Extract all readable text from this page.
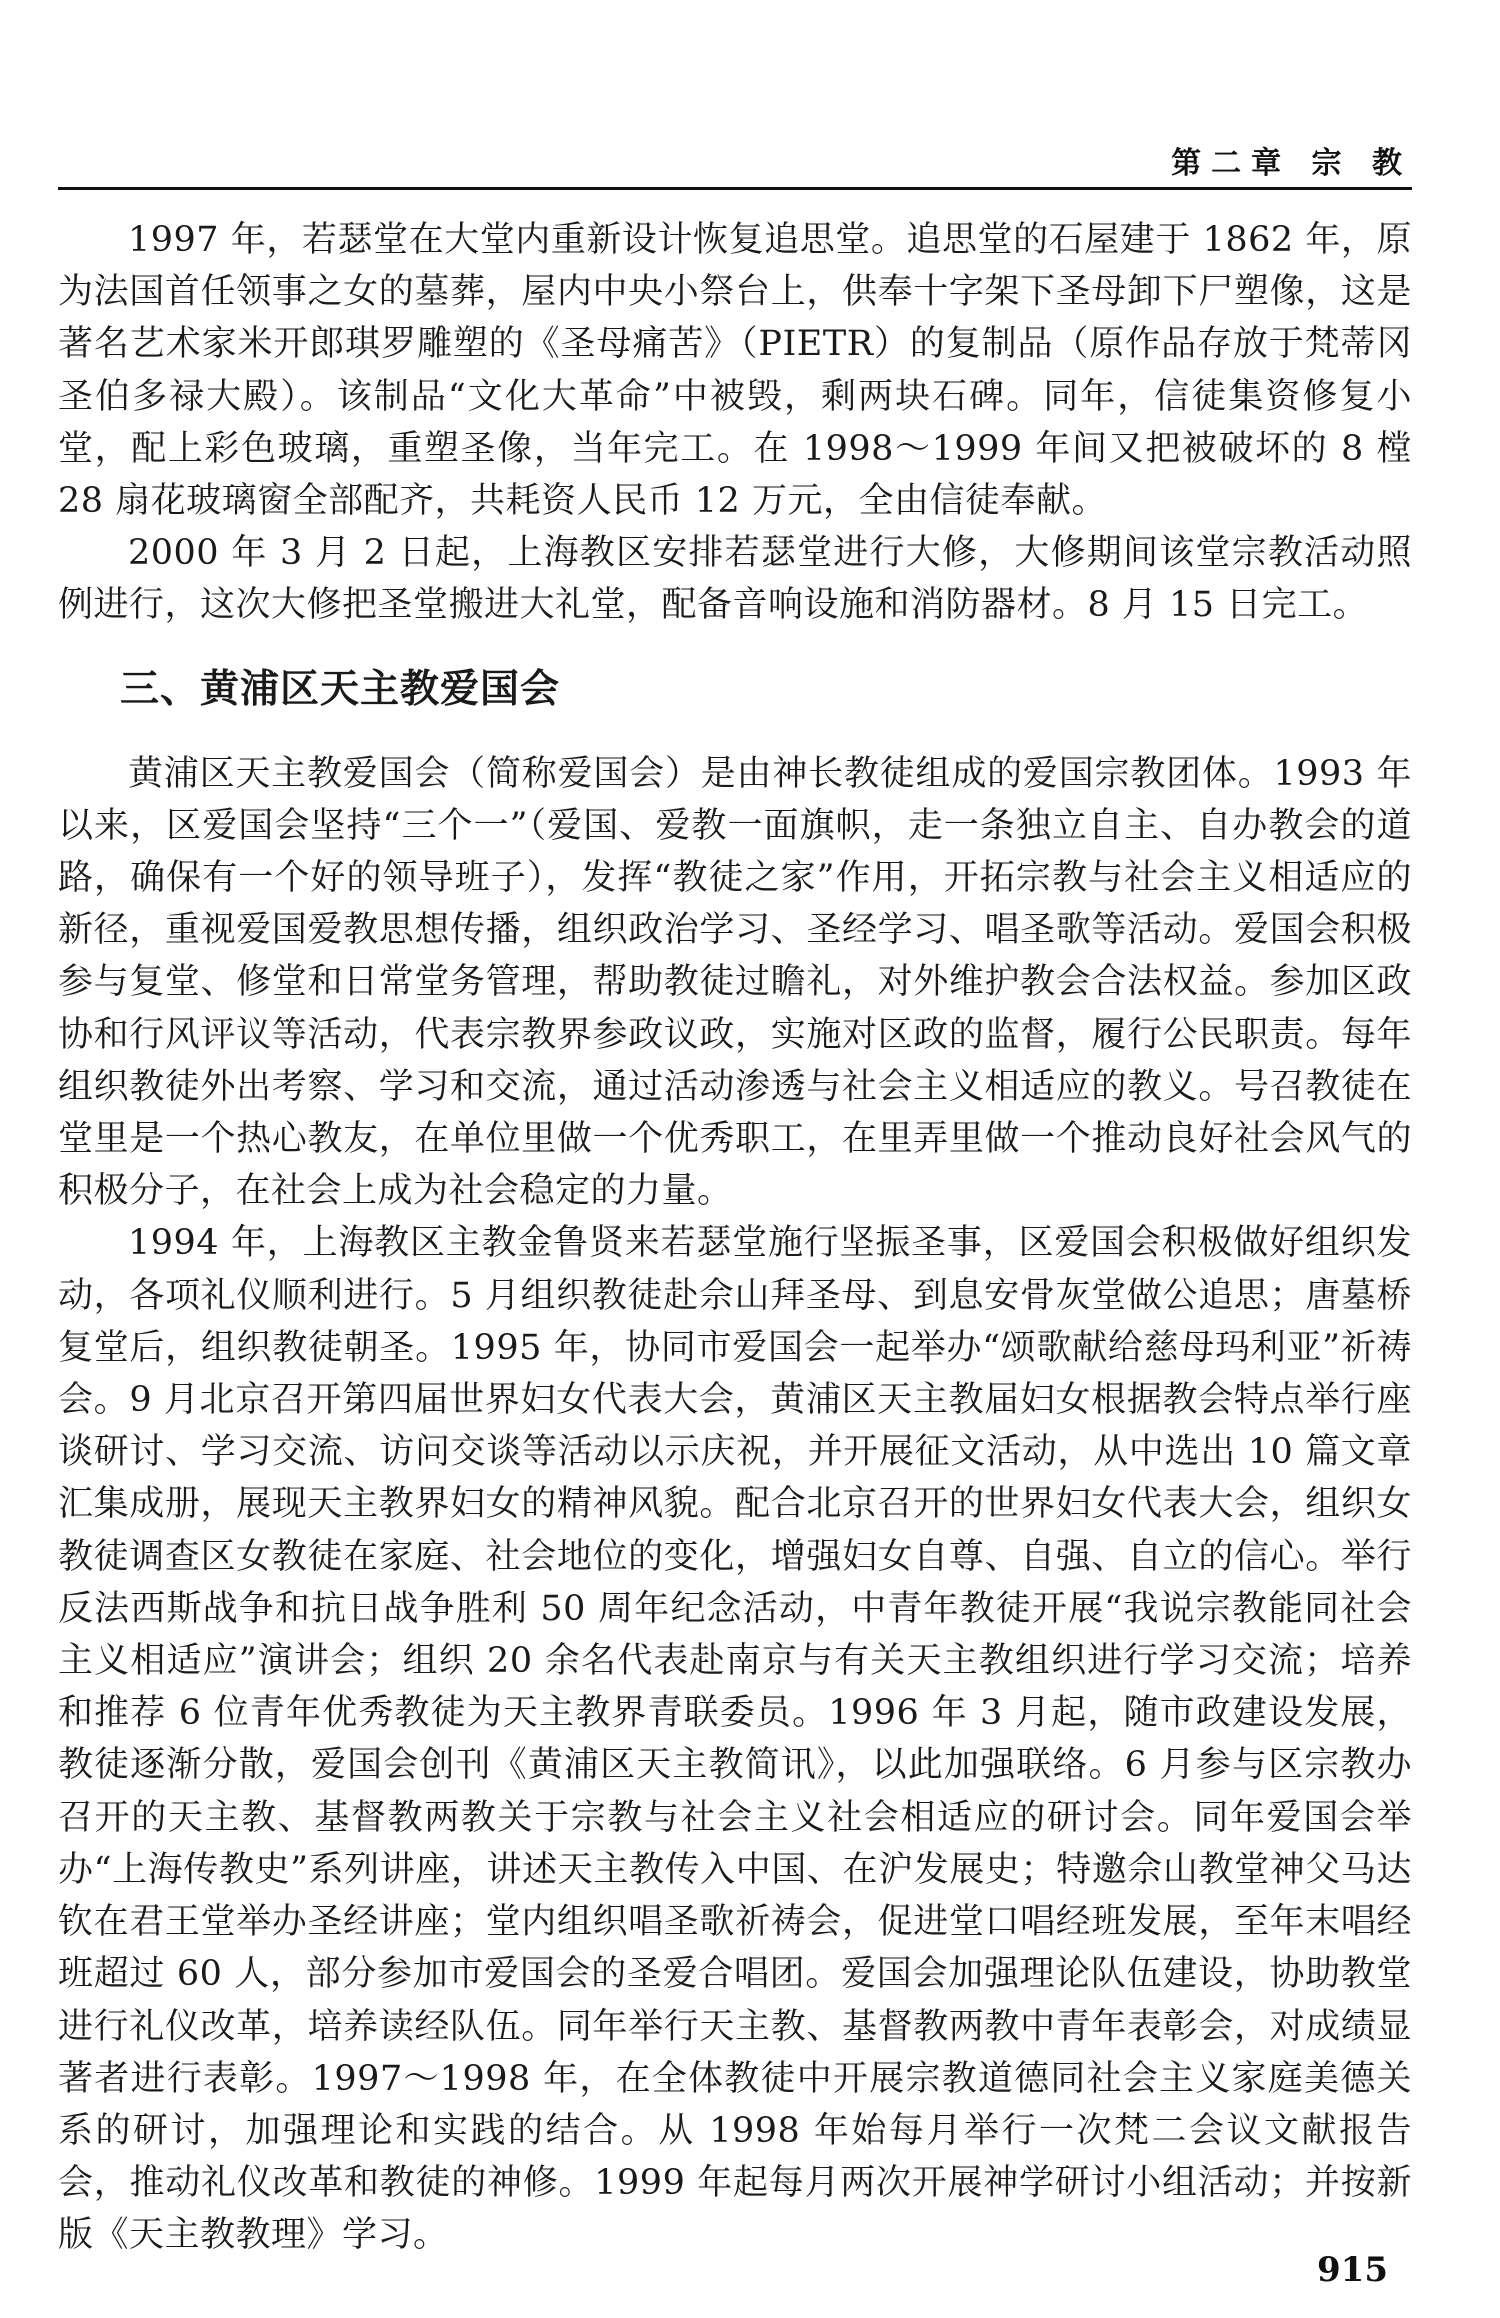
第二章 宗 教

1997 年，若瑟堂在大堂内重新设计恢复追思堂。追思堂的石屋建于 1862 年，原为法国首任领事之女的墓葬，屋内中央小祭台上，供奉十字架下圣母卸下尸塑像，这是著名艺术家米开郎琪罗雕塑的《圣母痛苦》（PIETR）的复制品（原作品存放于梵蒂冈圣伯多禄大殿）。该制品“文化大革命”中被毁，剩两块石碑。同年，信徒集资修复小堂，配上彩色玻璃，重塑圣像，当年完工。在 1998～1999 年间又把被破坏的 8 樘 28 扇花玻璃窗全部配齐，共耗资人民币 12 万元，全由信徒奉献。

2000 年 3 月 2 日起，上海教区安排若瑟堂进行大修，大修期间该堂宗教活动照例进行，这次大修把圣堂搬进大礼堂，配备音响设施和消防器材。8 月 15 日完工。

三、黄浦区天主教爱国会

黄浦区天主教爱国会（简称爱国会）是由神长教徒组成的爱国宗教团体。1993 年以来，区爱国会坚持“三个一”（爱国、爱教一面旗帜，走一条独立自主、自办教会的道路，确保有一个好的领导班子），发挥“教徒之家”作用，开拓宗教与社会主义相适应的新径，重视爱国爱教思想传播，组织政治学习、圣经学习、唱圣歌等活动。爱国会积极参与复堂、修堂和日常堂务管理，帮助教徒过瞻礼，对外维护教会合法权益。参加区政协和行风评议等活动，代表宗教界参政议政，实施对区政的监督，履行公民职责。每年组织教徒外出考察、学习和交流，通过活动渗透与社会主义相适应的教义。号召教徒在堂里是一个热心教友，在单位里做一个优秀职工，在里弄里做一个推动良好社会风气的积极分子，在社会上成为社会稳定的力量。

1994 年，上海教区主教金鲁贤来若瑟堂施行坚振圣事，区爱国会积极做好组织发动，各项礼仪顺利进行。5 月组织教徒赴佘山拜圣母、到息安骨灰堂做公追思；唐墓桥复堂后，组织教徒朝圣。1995 年，协同市爱国会一起举办“颂歌献给慈母玛利亚”祈祷会。9 月北京召开第四届世界妇女代表大会，黄浦区天主教届妇女根据教会特点举行座谈研讨、学习交流、访问交谈等活动以示庆祝，并开展征文活动，从中选出 10 篇文章汇集成册，展现天主教界妇女的精神风貌。配合北京召开的世界妇女代表大会，组织女教徒调查区女教徒在家庭、社会地位的变化，增强妇女自尊、自强、自立的信心。举行反法西斯战争和抗日战争胜利 50 周年纪念活动，中青年教徒开展“我说宗教能同社会主义相适应”演讲会；组织 20 余名代表赴南京与有关天主教组织进行学习交流；培养和推荐 6 位青年优秀教徒为天主教界青联委员。1996 年 3 月起，随市政建设发展，教徒逐渐分散，爱国会创刊《黄浦区天主教简讯》，以此加强联络。6 月参与区宗教办召开的天主教、基督教两教关于宗教与社会主义社会相适应的研讨会。同年爱国会举办“上海传教史”系列讲座，讲述天主教传入中国、在沪发展史；特邀佘山教堂神父马达钦在君王堂举办圣经讲座；堂内组织唱圣歌祈祷会，促进堂口唱经班发展，至年末唱经班超过 60 人，部分参加市爱国会的圣爱合唱团。爱国会加强理论队伍建设，协助教堂进行礼仪改革，培养读经队伍。同年举行天主教、基督教两教中青年表彰会，对成绩显著者进行表彰。1997～1998 年，在全体教徒中开展宗教道德同社会主义家庭美德关系的研讨，加强理论和实践的结合。从 1998 年始每月举行一次梵二会议文献报告会，推动礼仪改革和教徒的神修。1999 年起每月两次开展神学研讨小组活动；并按新版《天主教教理》学习。

915
